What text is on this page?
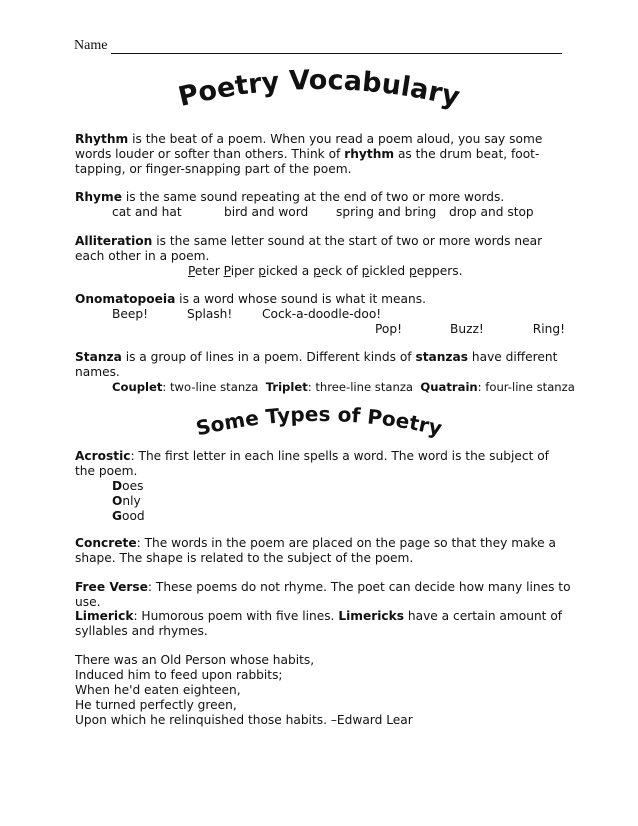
Name
Poetry Vocabulary

Rhythm is the beat of a poem. When you read a poem aloud, you say some words louder or softer than others. Think of rhythm as the drum beat, foot-tapping, or finger-snapping part of the poem.

Rhyme is the same sound repeating at the end of two or more words.

cat and hat	bird and word	spring and bring	drop and stop

Alliteration is the same letter sound at the start of two or more words near each other in a poem.

Peter Piper picked a peck of pickled peppers.

Onomatopoeia is a word whose sound is what it means.

Beep!	Splash!	Cock-a-doodle-doo!
Pop!	Buzz!	Ring!

Stanza is a group of lines in a poem. Different kinds of stanzas have different names.

Couplet: two-line stanza Triplet: three-line stanza Quatrain: four-line stanza

Some Types of Poetry

Acrostic: The first letter in each line spells a word. The word is the subject of the poem.

Does

Only

Good

Concrete: The words in the poem are placed on the page so that they make a shape. The shape is related to the subject of the poem.

Free Verse: These poems do not rhyme. The poet can decide how many lines to use.

Limerick: Humorous poem with five lines. Limericks have a certain amount of syllables and rhymes.

There was an Old Person whose habits,

Induced him to feed upon rabbits;

When he'd eaten eighteen,

He turned perfectly green,

Upon which he relinquished those habits. –Edward Lear
